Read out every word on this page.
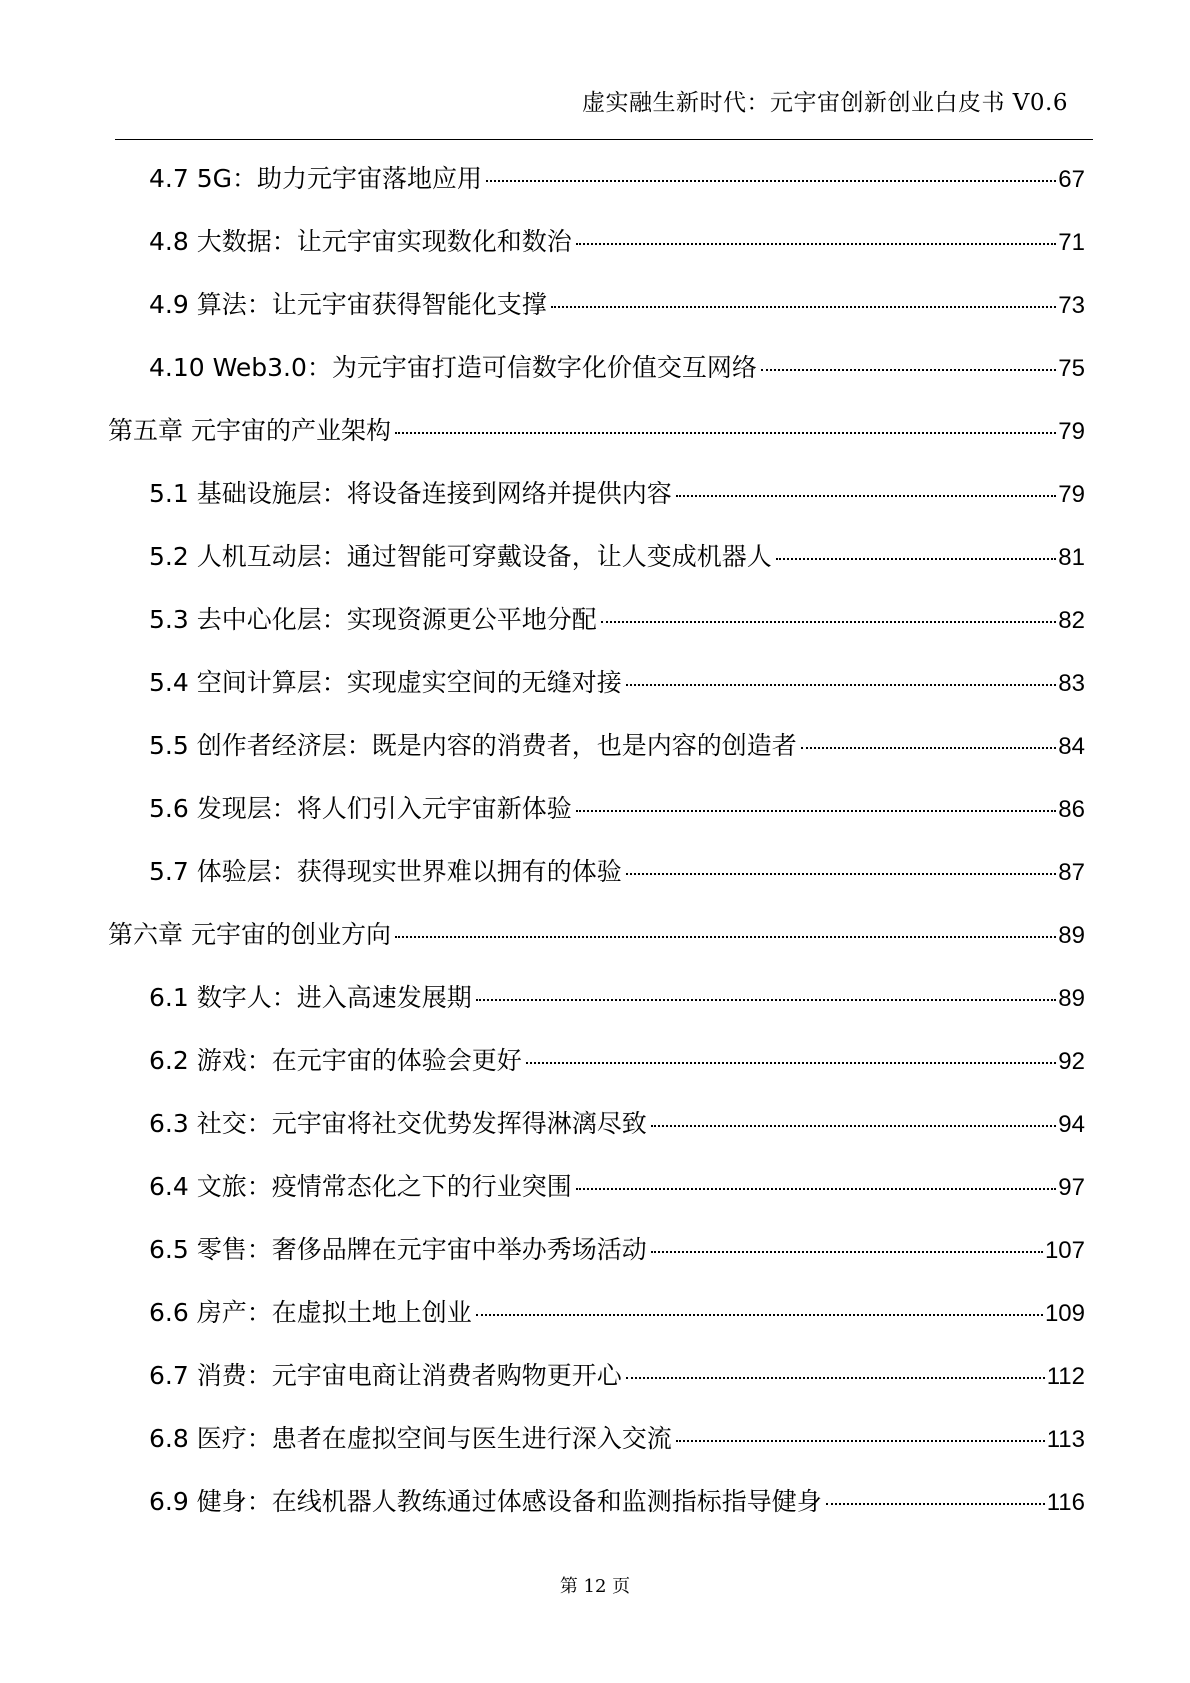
虚实融生新时代：元宇宙创新创业白皮书 V0.6
4.7 5G：助力元宇宙落地应用	67
4.8 大数据：让元宇宙实现数化和数治	71
4.9 算法：让元宇宙获得智能化支撑	73
4.10 Web3.0：为元宇宙打造可信数字化价值交互网络	75
第五章 元宇宙的产业架构	79
5.1 基础设施层：将设备连接到网络并提供内容	79
5.2 人机互动层：通过智能可穿戴设备，让人变成机器人	81
5.3 去中心化层：实现资源更公平地分配	82
5.4 空间计算层：实现虚实空间的无缝对接	83
5.5 创作者经济层：既是内容的消费者，也是内容的创造者	84
5.6 发现层：将人们引入元宇宙新体验	86
5.7 体验层：获得现实世界难以拥有的体验	87
第六章 元宇宙的创业方向	89
6.1 数字人：进入高速发展期	89
6.2 游戏：在元宇宙的体验会更好	92
6.3 社交：元宇宙将社交优势发挥得淋漓尽致	94
6.4 文旅：疫情常态化之下的行业突围	97
6.5 零售：奢侈品牌在元宇宙中举办秀场活动	107
6.6 房产：在虚拟土地上创业	109
6.7 消费：元宇宙电商让消费者购物更开心	112
6.8 医疗：患者在虚拟空间与医生进行深入交流	113
6.9 健身：在线机器人教练通过体感设备和监测指标指导健身	116
第 12 页
